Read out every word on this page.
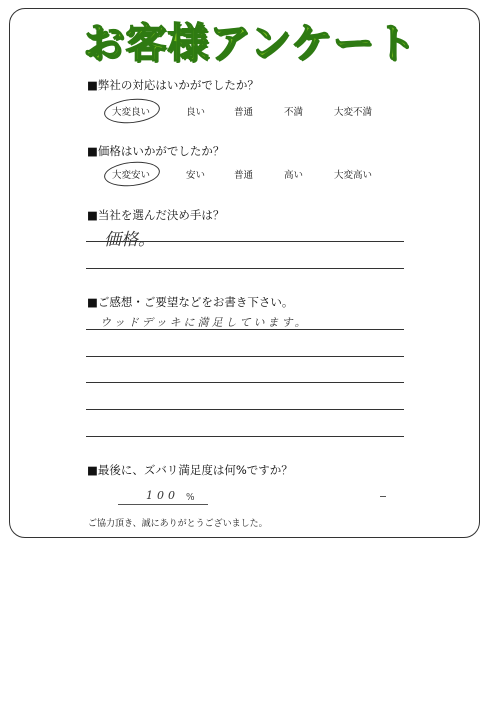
お客様アンケート
■弊社の対応はいかがでしたか？
大変良い	良い	普通	不満	大変不満
■価格はいかがでしたか？
大変安い	安い	普通	高い	大変高い
■当社を選んだ決め手は？
価格。
■ご感想・ご要望などをお書き下さい。
ウッドデッキに満足しています。
■最後に、ズバリ満足度は何%ですか？
100 %
ご協力頂き、誠にありがとうございました。
